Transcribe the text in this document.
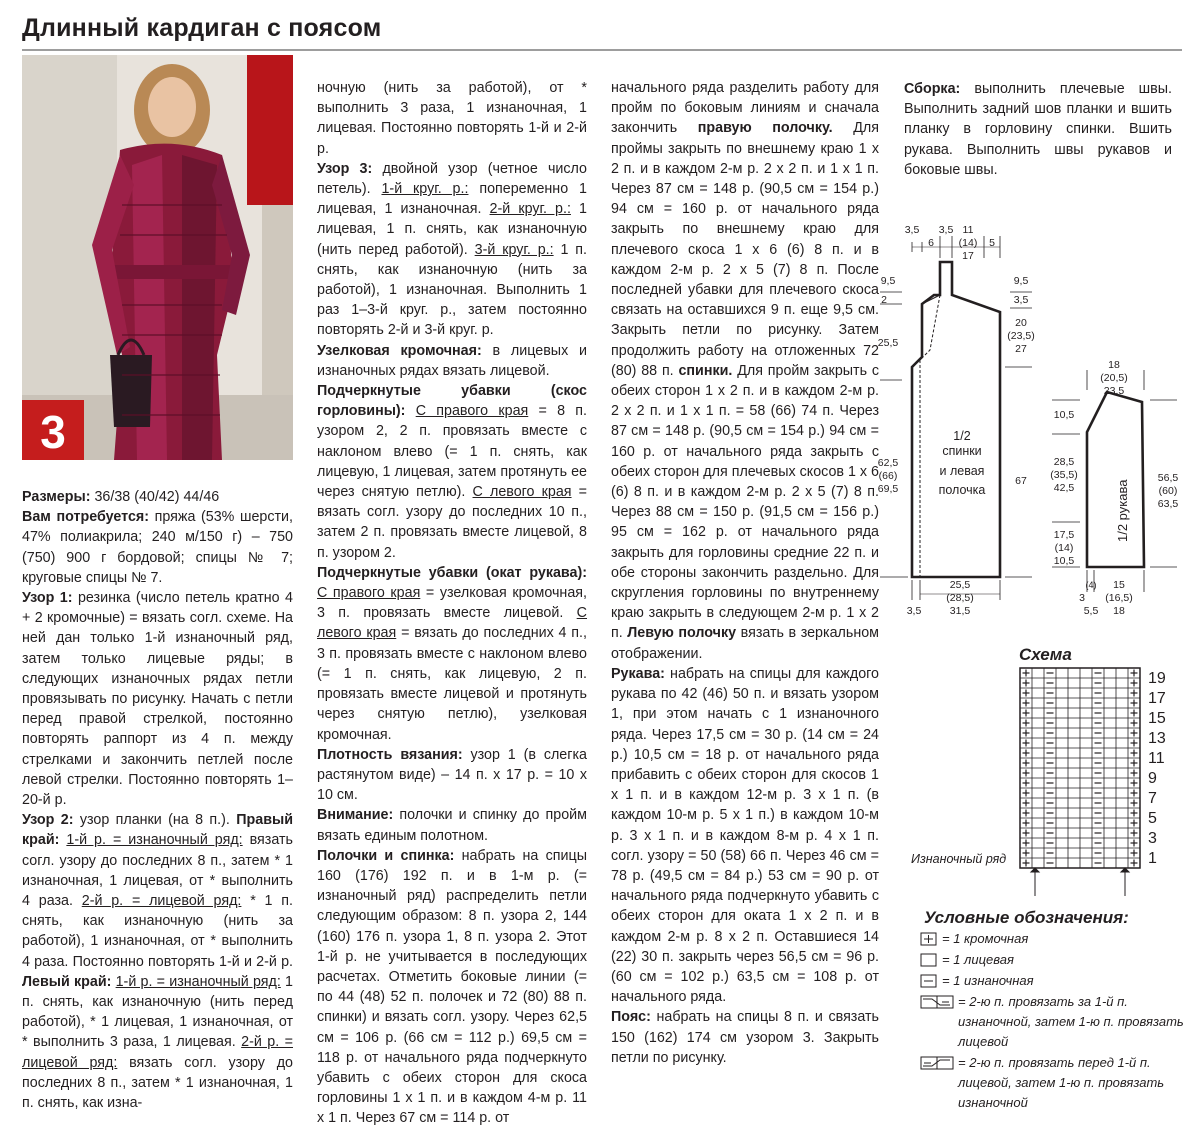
Длинный кардиган с поясом
3

Размеры: 36/38 (40/42) 44/46

Вам потребуется: пряжа (53% шерсти, 47% полиакрила; 240 м/150 г) – 750 (750) 900 г бордовой; спицы № 7; круговые спицы № 7.

Узор 1: резинка (число петель кратно 4 + 2 кромочные) = вязать согл. схеме. На ней дан только 1-й изнаночный ряд, затем только лицевые ряды; в следующих изнаночных рядах петли провязывать по рисунку. Начать с петли перед правой стрелкой, постоянно повторять раппорт из 4 п. между стрелками и закончить петлей после левой стрелки. Постоянно повторять 1–20-й р.

Узор 2: узор планки (на 8 п.). Правый край: 1-й р. = изнаночный ряд: вязать согл. узору до последних 8 п., затем * 1 изнаночная, 1 лицевая, от * выполнить 4 раза. 2-й р. = лицевой ряд: * 1 п. снять, как изнаночную (нить за работой), 1 изнаночная, от * выполнить 4 раза. Постоянно повторять 1-й и 2-й р. Левый край: 1-й р. = изнаночный ряд: 1 п. снять, как изнаночную (нить перед работой), * 1 лицевая, 1 изнаночная, от * выполнить 3 раза, 1 лицевая. 2-й р. = лицевой ряд: вязать согл. узору до последних 8 п., затем * 1 изнаночная, 1 п. снять, как изна-

ночную (нить за работой), от * выполнить 3 раза, 1 изнаночная, 1 лицевая. Постоянно повторять 1-й и 2-й р.

Узор 3: двойной узор (четное число петель). 1-й круг. р.: попеременно 1 лицевая, 1 изнаночная. 2-й круг. р.: 1 лицевая, 1 п. снять, как изнаночную (нить перед работой). 3-й круг. р.: 1 п. снять, как изнаночную (нить за работой), 1 изнаночная. Выполнить 1 раз 1–3-й круг. р., затем постоянно повторять 2-й и 3-й круг. р.

Узелковая кромочная: в лицевых и изнаночных рядах вязать лицевой.

Подчеркнутые убавки (скос горловины): С правого края = 8 п. узором 2, 2 п. провязать вместе с наклоном влево (= 1 п. снять, как лицевую, 1 лицевая, затем протянуть ее через снятую петлю). С левого края = вязать согл. узору до последних 10 п., затем 2 п. провязать вместе лицевой, 8 п. узором 2.

Подчеркнутые убавки (окат рукава): С правого края = узелковая кромочная, 3 п. провязать вместе лицевой. С левого края = вязать до последних 4 п., 3 п. провязать вместе с наклоном влево (= 1 п. снять, как лицевую, 2 п. провязать вместе лицевой и протянуть через снятую петлю), узелковая кромочная.

Плотность вязания: узор 1 (в слегка растянутом виде) – 14 п. х 17 р. = 10 х 10 см.

Внимание: полочки и спинку до пройм вязать единым полотном.

Полочки и спинка: набрать на спицы 160 (176) 192 п. и в 1-м р. (= изнаночный ряд) распределить петли следующим образом: 8 п. узора 2, 144 (160) 176 п. узора 1, 8 п. узора 2. Этот 1-й р. не учитывается в последующих расчетах. Отметить боковые линии (= по 44 (48) 52 п. полочек и 72 (80) 88 п. спинки) и вязать согл. узору. Через 62,5 см = 106 р. (66 см = 112 р.) 69,5 см = 118 р. от начального ряда подчеркнуто убавить с обеих сторон для скоса горловины 1 х 1 п. и в каждом 4-м р. 11 х 1 п. Через 67 см = 114 р. от

начального ряда разделить работу для пройм по боковым линиям и сначала закончить правую полочку. Для проймы закрыть по внешнему краю 1 х 2 п. и в каждом 2-м р. 2 х 2 п. и 1 х 1 п. Через 87 см = 148 р. (90,5 см = 154 р.) 94 см = 160 р. от начального ряда закрыть по внешнему краю для плечевого скоса 1 х 6 (6) 8 п. и в каждом 2-м р. 2 х 5 (7) 8 п. После последней убавки для плечевого скоса связать на оставшихся 9 п. еще 9,5 см. Закрыть петли по рисунку. Затем продолжить работу на отложенных 72 (80) 88 п. спинки. Для пройм закрыть с обеих сторон 1 х 2 п. и в каждом 2-м р. 2 х 2 п. и 1 х 1 п. = 58 (66) 74 п. Через 87 см = 148 р. (90,5 см = 154 р.) 94 см = 160 р. от начального ряда закрыть с обеих сторон для плечевых скосов 1 х 6 (6) 8 п. и в каждом 2-м р. 2 х 5 (7) 8 п. Через 88 см = 150 р. (91,5 см = 156 р.) 95 см = 162 р. от начального ряда закрыть для горловины средние 22 п. и обе стороны закончить раздельно. Для скругления горловины по внутреннему краю закрыть в следующем 2-м р. 1 х 2 п. Левую полочку вязать в зеркальном отображении.

Рукава: набрать на спицы для каждого рукава по 42 (46) 50 п. и вязать узором 1, при этом начать с 1 изнаночного ряда. Через 17,5 см = 30 р. (14 см = 24 р.) 10,5 см = 18 р. от начального ряда прибавить с обеих сторон для скосов 1 х 1 п. и в каждом 12-м р. 3 х 1 п. (в каждом 10-м р. 5 х 1 п.) в каждом 10-м р. 3 х 1 п. и в каждом 8-м р. 4 х 1 п. согл. узору = 50 (58) 66 п. Через 46 см = 78 р. (49,5 см = 84 р.) 53 см = 90 р. от начального ряда подчеркнуто убавить с обеих сторон для оката 1 х 2 п. и в каждом 2-м р. 8 х 2 п. Оставшиеся 14 (22) 30 п. закрыть через 56,5 см = 96 р. (60 см = 102 р.) 63,5 см = 108 р. от начального ряда.

Пояс: набрать на спицы 8 п. и связать 150 (162) 174 см узором 3. Закрыть петли по рисунку.

Сборка: выполнить плечевые швы. Выполнить задний шов планки и вшить планку в горловину спинки. Вшить рукава. Выполнить швы рукавов и боковые швы.

3,5
6
3,5 11
(14)
17
5
9,5
2
25,5
62,5
(66)
69,5
9,5
3,5
20
(23,5)
27
67
25,5
(28,5)
31,5
3,5
1/2
спинки
и левая
полочка
18
(20,5)
23,5
10,5
28,5
(35,5)
42,5
17,5
(14)
10,5
56,5
(60)
63,5
15
(16,5)
18
5,5
(4)
3
1/2 рукава
Схема
19
17
15
13
11
9
7
5
3
1
Изнаночный ряд
Условные обозначения:
= 1 кромочная
= 1 лицевая
= 1 изнаночная
= 2-ю п. провязать за 1-й п. изнаночной, затем 1-ю п. провязать лицевой
= 2-ю п. провязать перед 1-й п. лицевой, затем 1-ю п. провязать изнаночной
